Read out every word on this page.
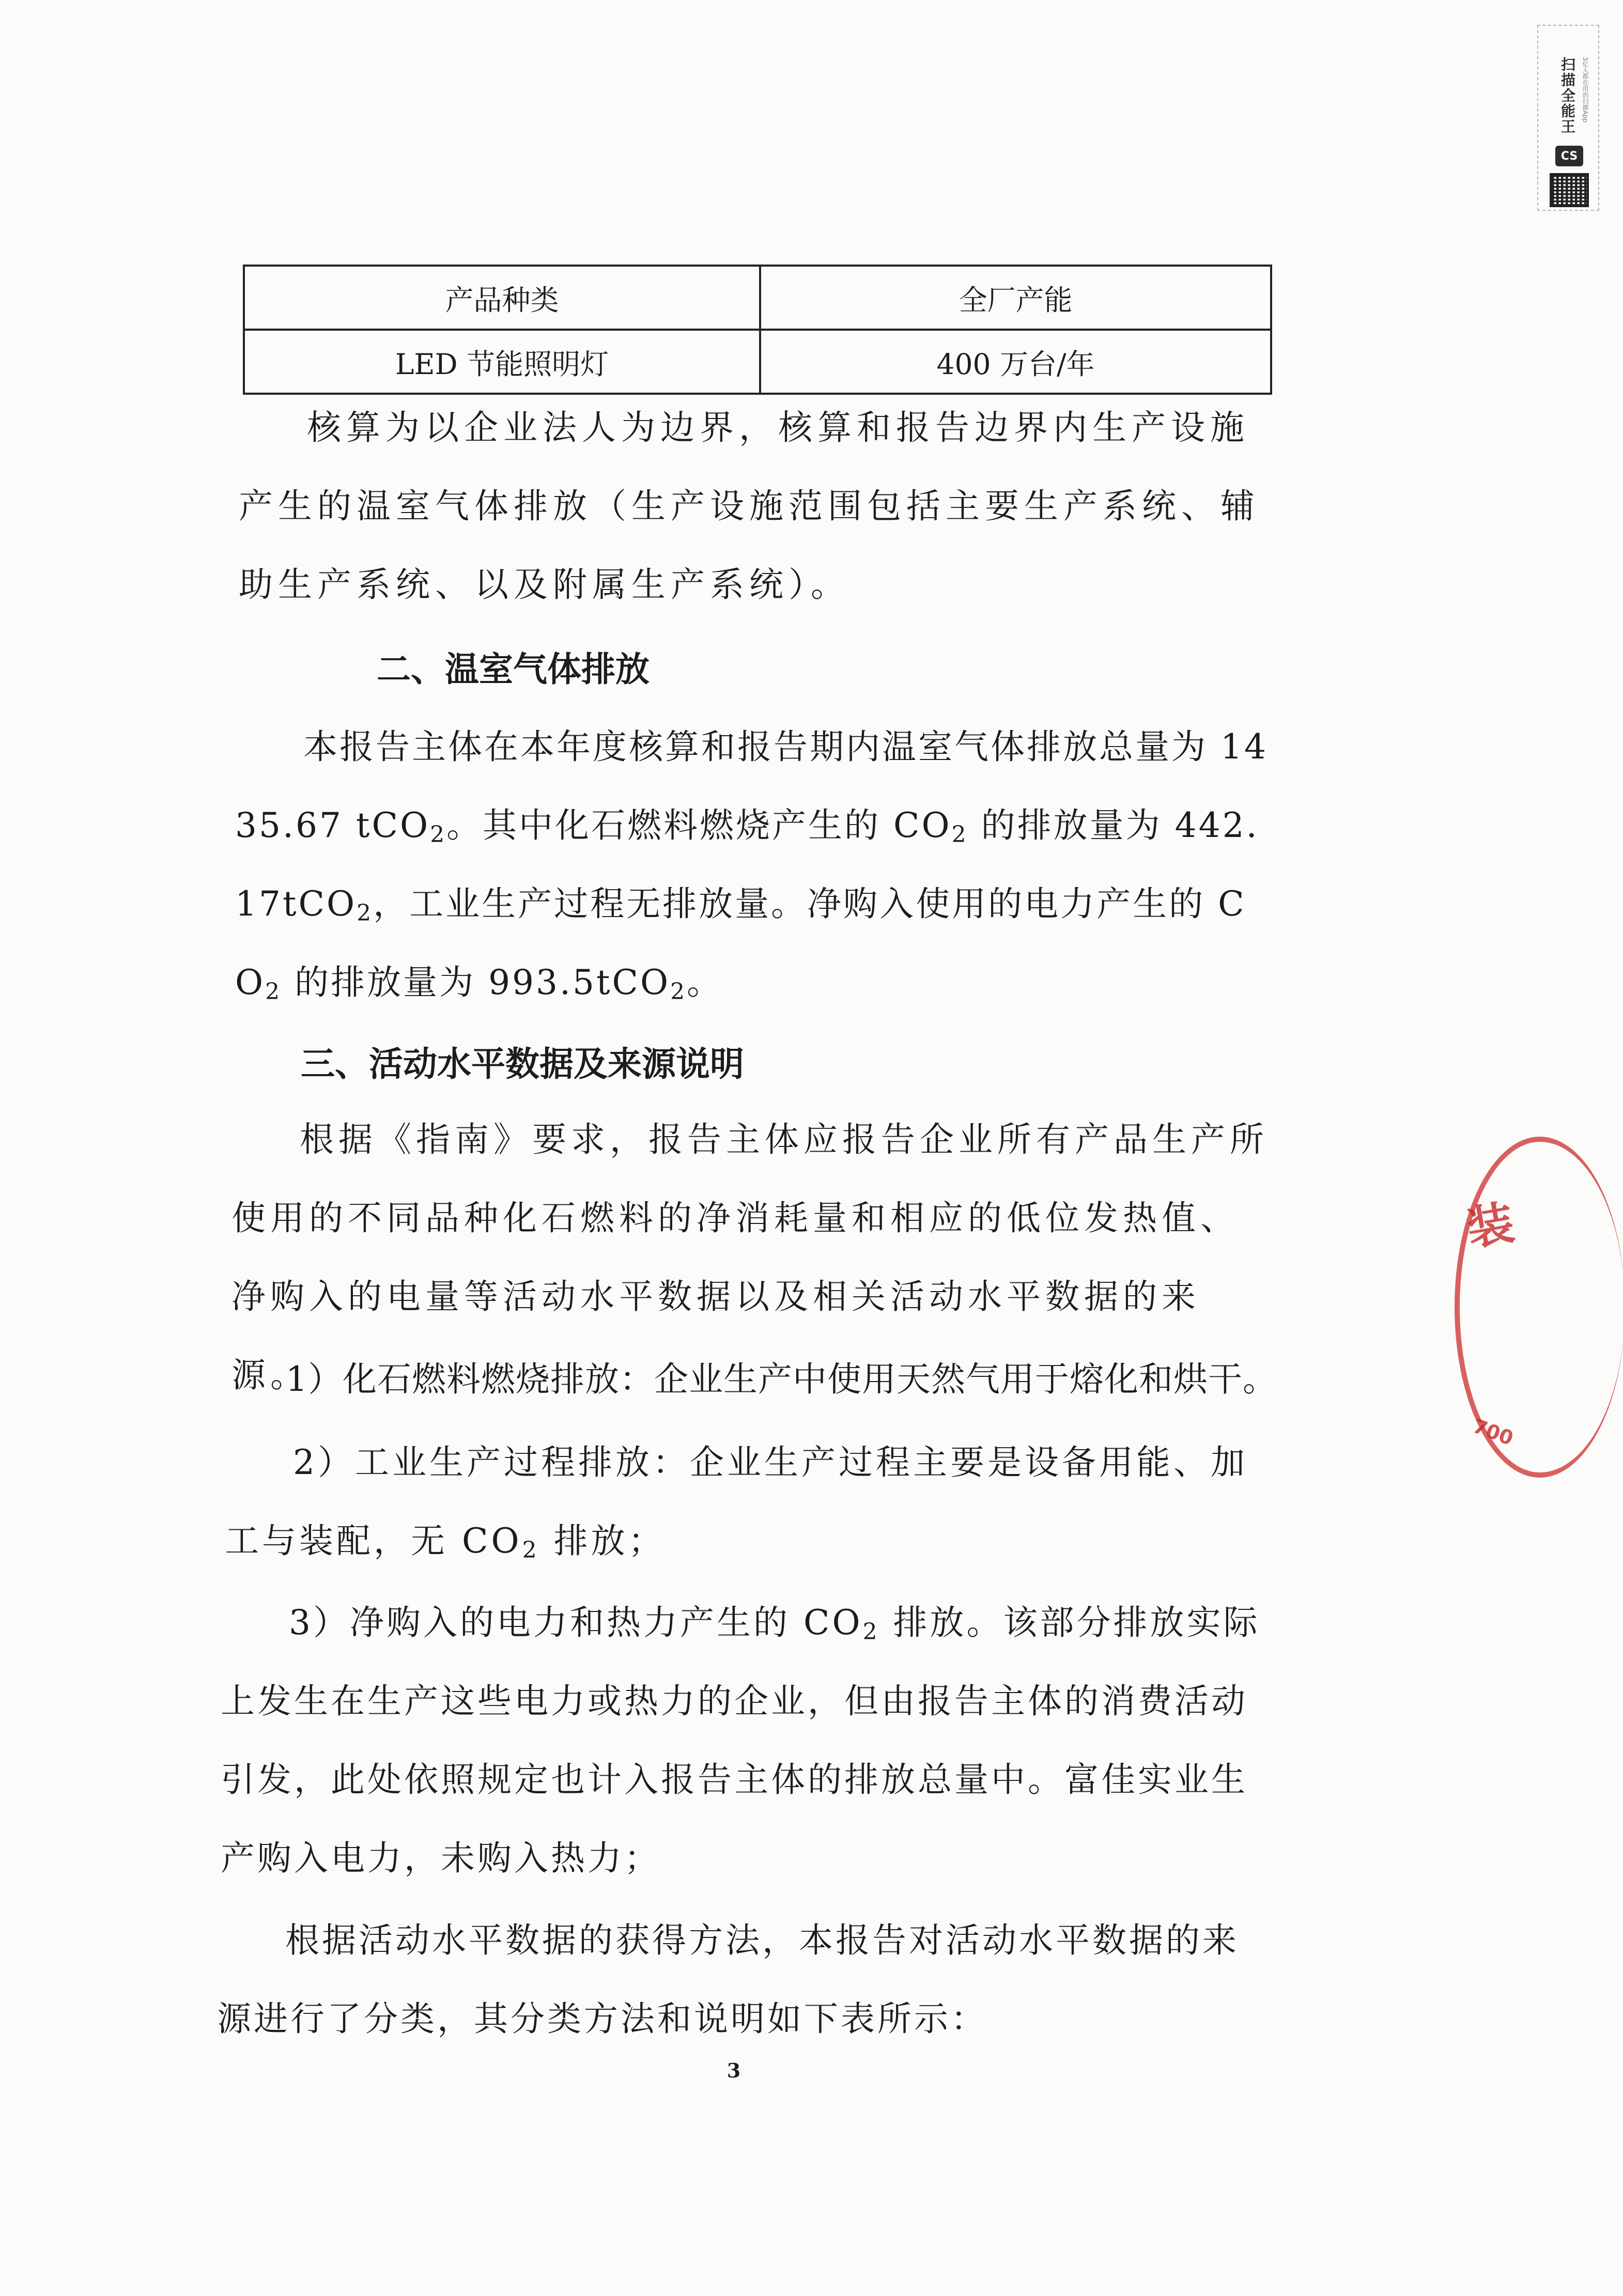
扫描全能王 3亿人都在用的扫描App
CS
产品种类	全厂产能
LED 节能照明灯	400 万台/年

核算为以企业法人为边界，核算和报告边界内生产设施产生的温室气体排放（生产设施范围包括主要生产系统、辅助生产系统、以及附属生产系统）。

二、温室气体排放

本报告主体在本年度核算和报告期内温室气体排放总量为 1435.67 tCO$_2$。其中化石燃料燃烧产生的 $CO_2$ 的排放量为 442.17tCO$_2$，工业生产过程无排放量。净购入使用的电力产生的 $CO_2$ 的排放量为 993.5tCO$_2$。

三、活动水平数据及来源说明

根据《指南》要求，报告主体应报告企业所有产品生产所使用的不同品种化石燃料的净消耗量和相应的低位发热值、净购入的电量等活动水平数据以及相关活动水平数据的来源。

1）化石燃料燃烧排放：企业生产中使用天然气用于熔化和烘干。

2）工业生产过程排放：企业生产过程主要是设备用能、加工与装配，无 $CO_2$ 排放；

3）净购入的电力和热力产生的 $CO_2$ 排放。该部分排放实际上发生在生产这些电力或热力的企业，但由报告主体的消费活动引发，此处依照规定也计入报告主体的排放总量中。富佳实业生产购入电力，未购入热力；

根据活动水平数据的获得方法，本报告对活动水平数据的来源进行了分类，其分类方法和说明如下表所示：

3
装
700
